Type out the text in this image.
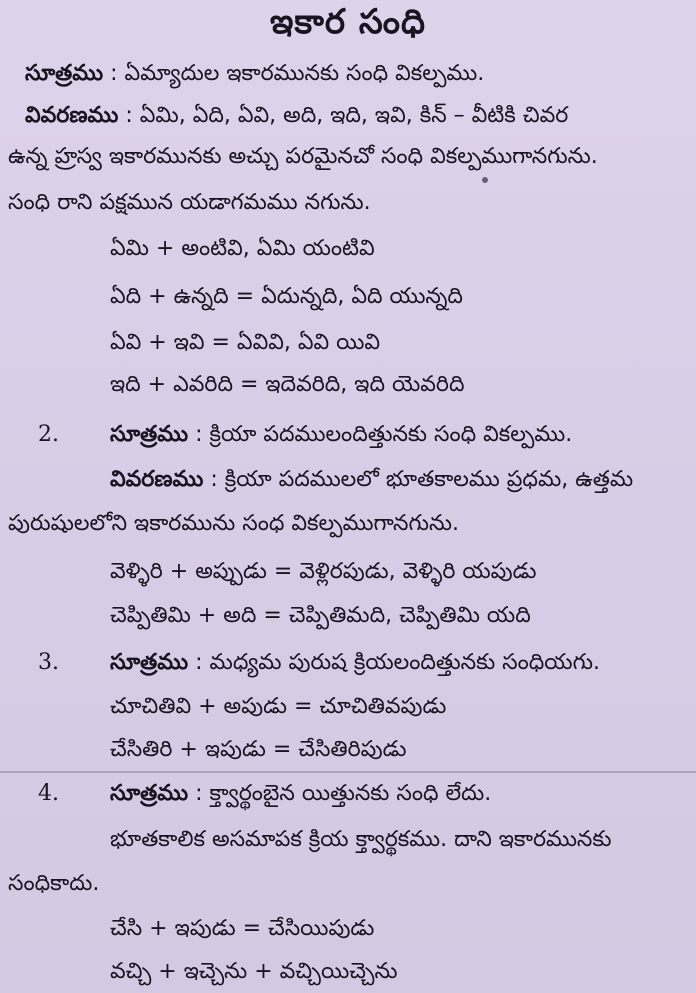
ఇకార సంధి
సూత్రము : ఏమ్యాదుల ఇకారమునకు సంధి వికల్పము.
వివరణము : ఏమి, ఏది, ఏవి, అది, ఇది, ఇవి, కిన్ – వీటికి చివర
ఉన్న హ్రస్వ ఇకారమునకు అచ్చు పరమైనచో సంధి వికల్పముగానగును.
సంధి రాని పక్షమున యడాగమము నగును.
ఏమి + అంటివి, ఏమి యంటివి
ఏది + ఉన్నది = ఏదున్నది, ఏది యున్నది
ఏవి + ఇవి = ఏవివి, ఏవి యివి
ఇది + ఎవరిది = ఇదెవరిది, ఇది యెవరిది
2. సూత్రము : క్రియా పదములందిత్తునకు సంధి వికల్పము.
వివరణము : క్రియా పదములలో భూతకాలము ప్రధమ, ఉత్తమ
పురుషులలోని ఇకారమును సంధ వికల్పముగానగును.
వెళ్ళిరి + అప్పుడు = వెళ్లిరపుడు, వెళ్ళిరి యపుడు
చెప్పితిమి + అది = చెప్పితిమది, చెప్పితిమి యది
3. సూత్రము : మధ్యమ పురుష క్రియలందిత్తునకు సంధియగు.
చూచితివి + అపుడు = చూచితివపుడు
చేసితిరి + ఇపుడు = చేసితిరిపుడు
4. సూత్రము : క్త్వార్థంబైన యిత్తునకు సంధి లేదు.
భూతకాలిక అసమాపక క్రియ క్త్వార్థకము. దాని ఇకారమునకు
సంధికాదు.
చేసి + ఇపుడు = చేసియిపుడు
వచ్చి + ఇచ్చెను + వచ్చియిచ్చెను
